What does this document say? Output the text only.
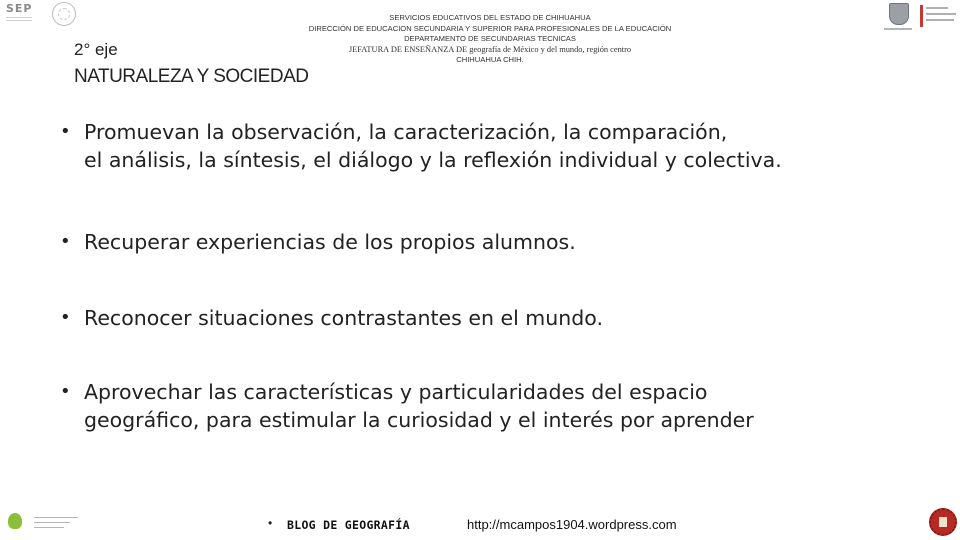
SEP
SERVICIOS EDUCATIVOS DEL ESTADO DE CHIHUAHUA
DIRECCIÓN DE EDUCACION SECUNDARIA Y SUPERIOR PARA PROFESIONALES DE LA EDUCACIÓN
DEPARTAMENTO DE SECUNDARIAS TECNICAS
JEFATURA DE ENSEÑANZA DE geografía de México y del mundo, región centro
CHIHUAHUA CHIH.
2° eje
NATURALEZA Y SOCIEDAD
• Promuevan la observación, la caracterización, la comparación,
el análisis, la síntesis, el diálogo y la reflexión individual y colectiva.
• Recuperar experiencias de los propios alumnos.
• Reconocer situaciones contrastantes en el mundo.
• Aprovechar las características y particularidades del espacio
geográfico, para estimular la curiosidad y el interés por aprender
• BLOG DE GEOGRAFÍA	http://mcampos1904.wordpress.com
